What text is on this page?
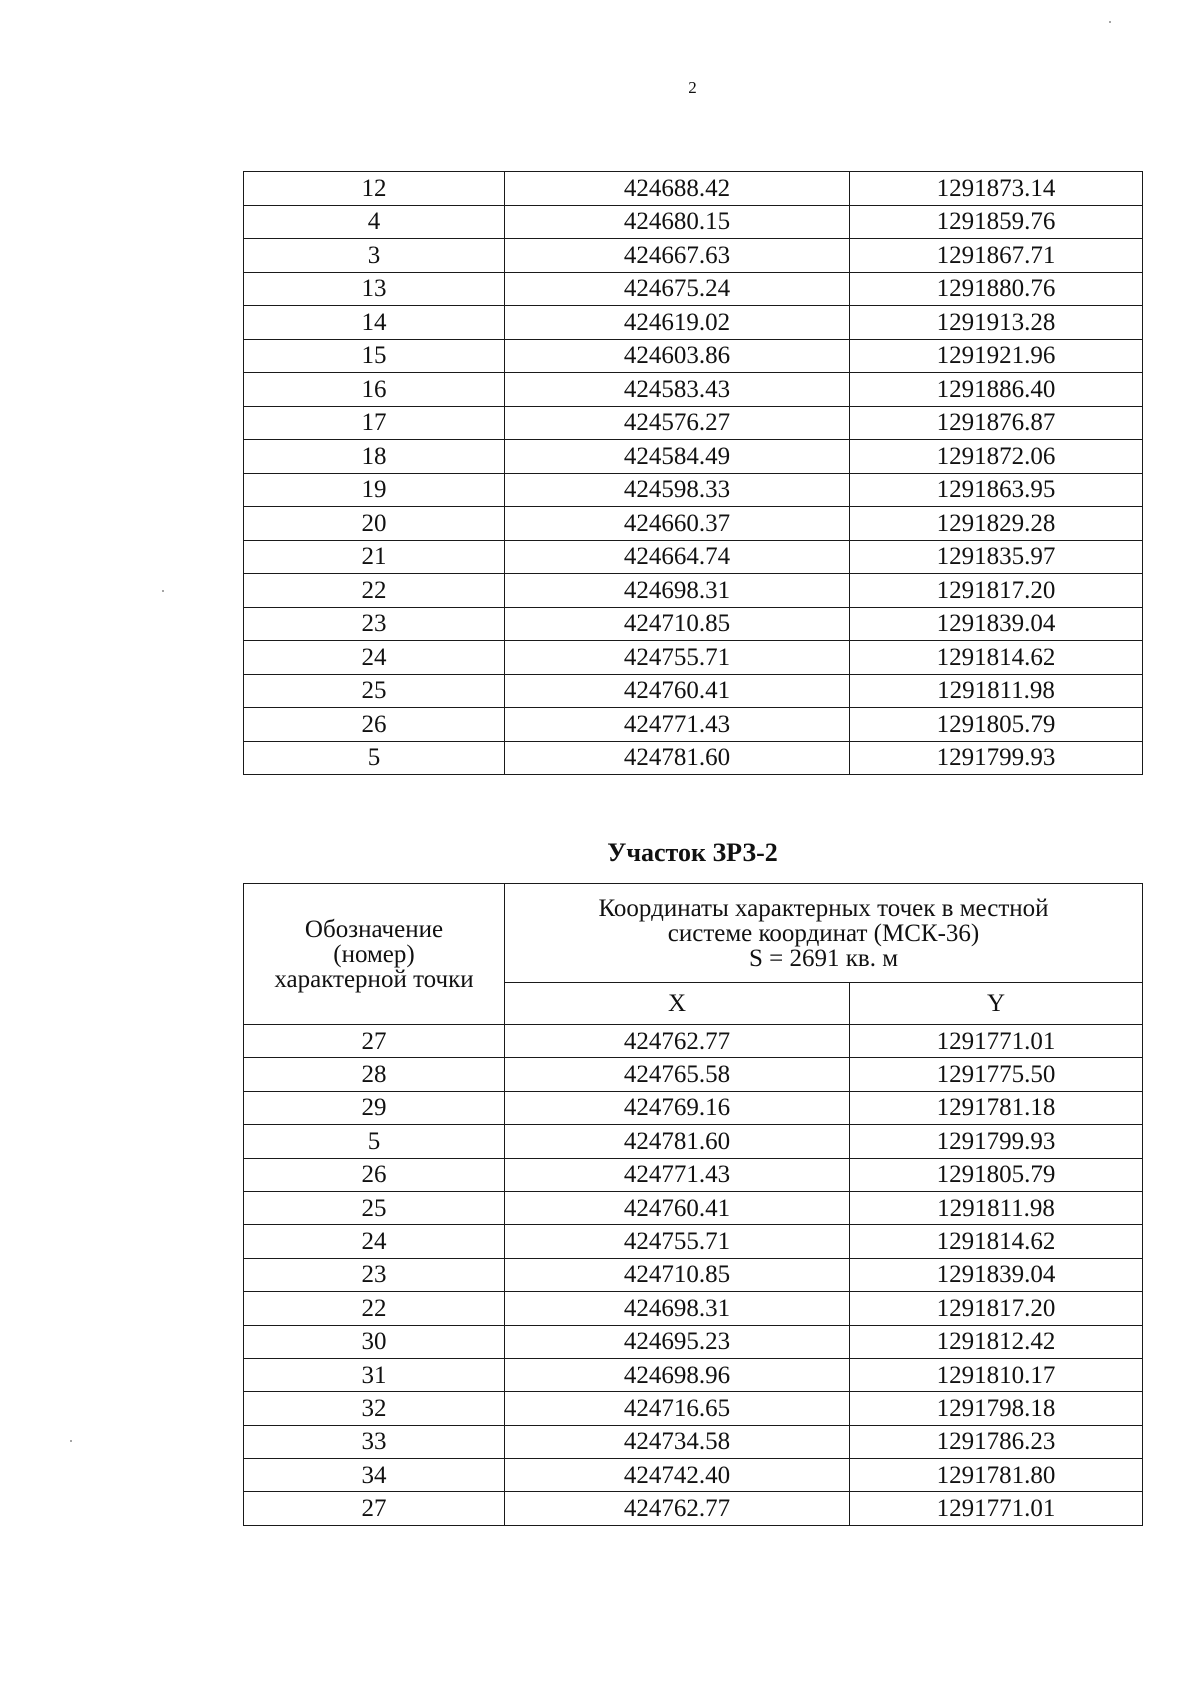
2
12	424688.42	1291873.14
4	424680.15	1291859.76
3	424667.63	1291867.71
13	424675.24	1291880.76
14	424619.02	1291913.28
15	424603.86	1291921.96
16	424583.43	1291886.40
17	424576.27	1291876.87
18	424584.49	1291872.06
19	424598.33	1291863.95
20	424660.37	1291829.28
21	424664.74	1291835.97
22	424698.31	1291817.20
23	424710.85	1291839.04
24	424755.71	1291814.62
25	424760.41	1291811.98
26	424771.43	1291805.79
5	424781.60	1291799.93
Участок ЗРЗ-2
Обозначение
(номер)
характерной точки	Координаты характерных точек в местной
системе координат (МСК-36)
S = 2691 кв. м	
	X	Y
27	424762.77	1291771.01
28	424765.58	1291775.50
29	424769.16	1291781.18
5	424781.60	1291799.93
26	424771.43	1291805.79
25	424760.41	1291811.98
24	424755.71	1291814.62
23	424710.85	1291839.04
22	424698.31	1291817.20
30	424695.23	1291812.42
31	424698.96	1291810.17
32	424716.65	1291798.18
33	424734.58	1291786.23
34	424742.40	1291781.80
27	424762.77	1291771.01
